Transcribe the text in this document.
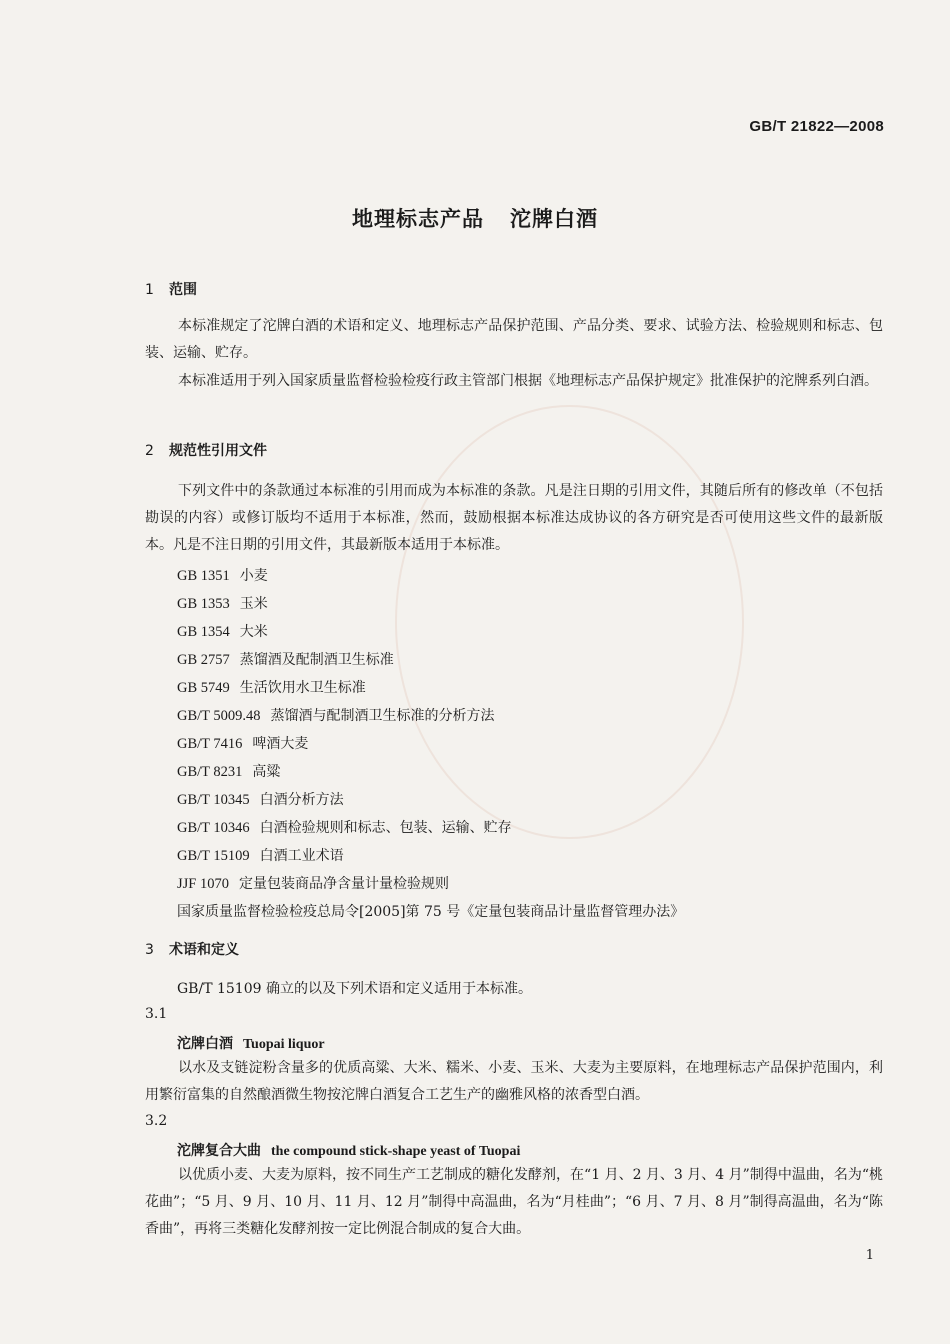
GB/T 21822—2008
地理标志产品 沱牌白酒
1 范围
本标准规定了沱牌白酒的术语和定义、地理标志产品保护范围、产品分类、要求、试验方法、检验规则和标志、包装、运输、贮存。
本标准适用于列入国家质量监督检验检疫行政主管部门根据《地理标志产品保护规定》批准保护的沱牌系列白酒。
2 规范性引用文件
下列文件中的条款通过本标准的引用而成为本标准的条款。凡是注日期的引用文件，其随后所有的修改单（不包括勘误的内容）或修订版均不适用于本标准，然而，鼓励根据本标准达成协议的各方研究是否可使用这些文件的最新版本。凡是不注日期的引用文件，其最新版本适用于本标准。
GB 1351 小麦
GB 1353 玉米
GB 1354 大米
GB 2757 蒸馏酒及配制酒卫生标准
GB 5749 生活饮用水卫生标准
GB/T 5009.48 蒸馏酒与配制酒卫生标准的分析方法
GB/T 7416 啤酒大麦
GB/T 8231 高粱
GB/T 10345 白酒分析方法
GB/T 10346 白酒检验规则和标志、包装、运输、贮存
GB/T 15109 白酒工业术语
JJF 1070 定量包装商品净含量计量检验规则
国家质量监督检验检疫总局令[2005]第 75 号《定量包装商品计量监督管理办法》
3 术语和定义
GB/T 15109 确立的以及下列术语和定义适用于本标准。
3.1
沱牌白酒 Tuopai liquor
以水及支链淀粉含量多的优质高粱、大米、糯米、小麦、玉米、大麦为主要原料，在地理标志产品保护范围内，利用繁衍富集的自然酿酒微生物按沱牌白酒复合工艺生产的幽雅风格的浓香型白酒。
3.2
沱牌复合大曲 the compound stick-shape yeast of Tuopai
以优质小麦、大麦为原料，按不同生产工艺制成的糖化发酵剂，在“1 月、2 月、3 月、4 月”制得中温曲，名为“桃花曲”；“5 月、9 月、10 月、11 月、12 月”制得中高温曲，名为“月桂曲”；“6 月、7 月、8 月”制得高温曲，名为“陈香曲”，再将三类糖化发酵剂按一定比例混合制成的复合大曲。
1
